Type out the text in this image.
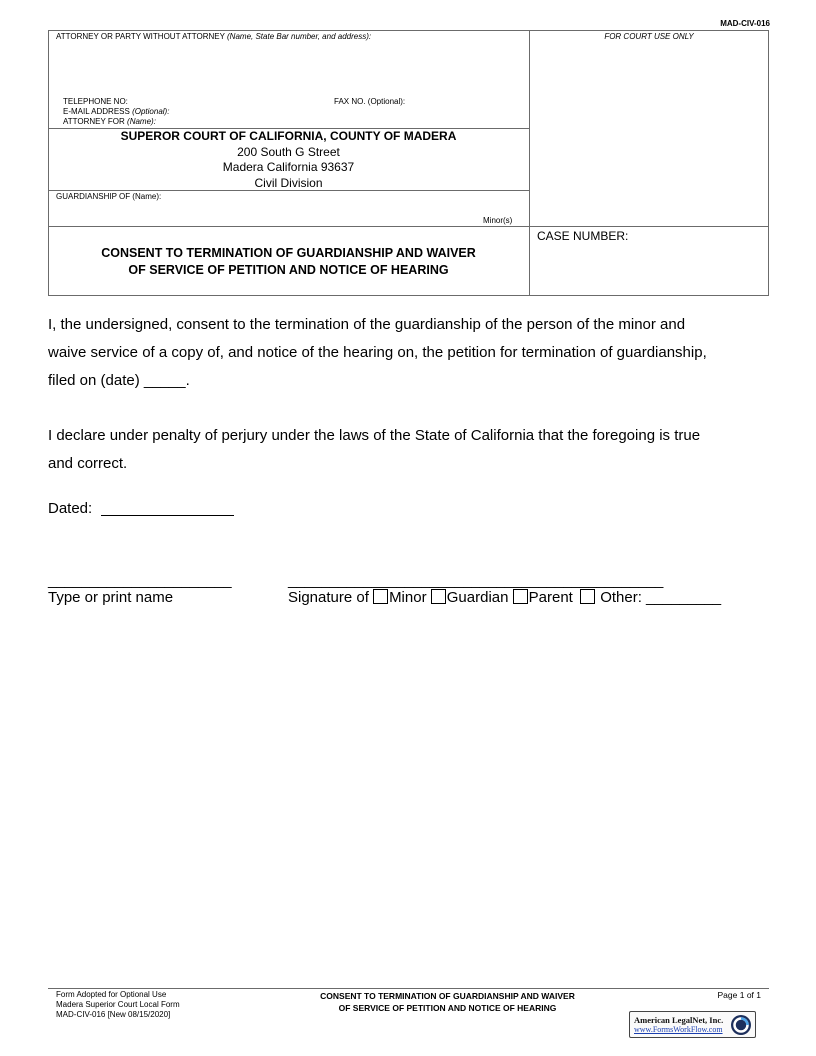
MAD-CIV-016
ATTORNEY OR PARTY WITHOUT ATTORNEY (Name, State Bar number, and address):	FOR COURT USE ONLY
TELEPHONE NO:	FAX NO. (Optional):
E-MAIL ADDRESS (Optional):
ATTORNEY FOR (Name):
SUPEROR COURT OF CALIFORNIA, COUNTY OF MADERA
200 South G Street
Madera California 93637
Civil Division
GUARDIANSHIP OF (Name):
Minor(s)
CONSENT TO TERMINATION OF GUARDIANSHIP AND WAIVER
OF SERVICE OF PETITION AND NOTICE OF HEARING
CASE NUMBER:
I, the undersigned, consent to the termination of the guardianship of the person of the minor and
waive service of a copy of, and notice of the hearing on, the petition for termination of guardianship,
filed on (date) _____.
I declare under penalty of perjury under the laws of the State of California that the foregoing is true
and correct.
Dated:
______________________	_____________________________________________
Type or print name	Signature of Minor Guardian Parent Other: _________
Form Adopted for Optional Use
Madera Superior Court Local Form
MAD-CIV-016 [New 08/15/2020]
CONSENT TO TERMINATION OF GUARDIANSHIP AND WAIVER
OF SERVICE OF PETITION AND NOTICE OF HEARING
Page 1 of 1
American LegalNet, Inc.
www.FormsWorkFlow.com
